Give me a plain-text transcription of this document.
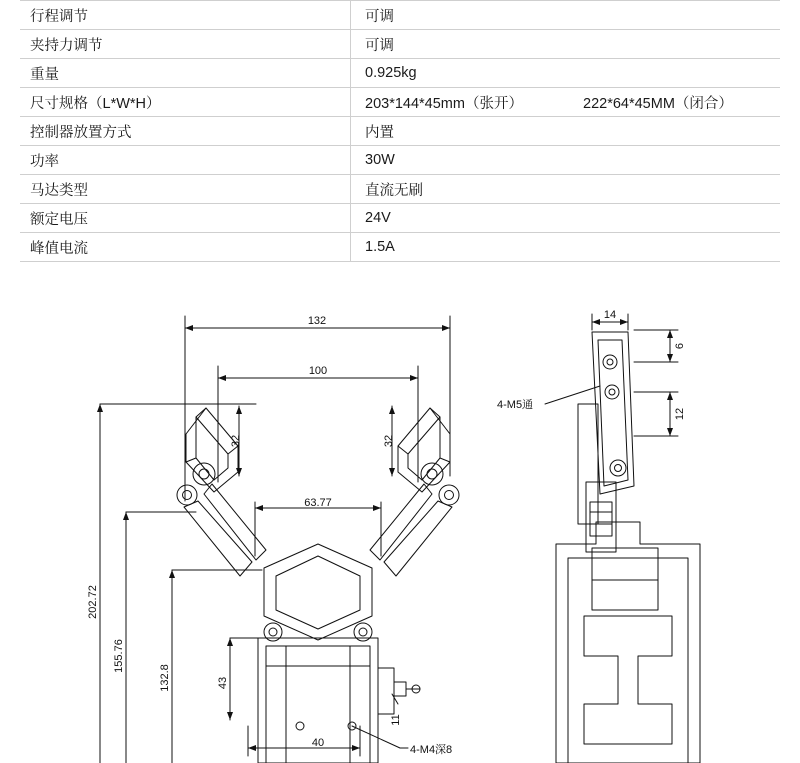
行程调节	可调
夹持力调节	可调
重量	0.925kg
尺寸规格（L*W*H）	203*144*45mm（张开） 222*64*45MM（闭合）
控制器放置方式	内置
功率	30W
马达类型	直流无刷
额定电压	24V
峰值电流	1.5A
132
100
32	32
63.77
202.72
155.76
132.8	43
40
11
4-M4深8
14
6
12
4-M5通
